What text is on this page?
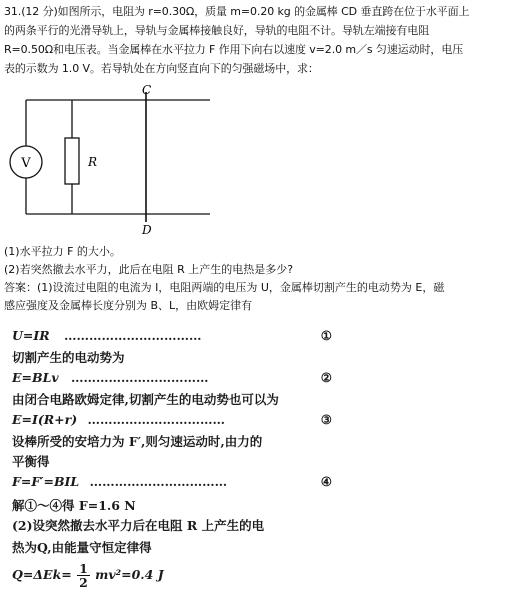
31.(12 分)如图所示，电阻为 r=0.30Ω，质量 m=0.20 kg 的金属棒 CD 垂直跨在位于水平面上

的两条平行的光滑导轨上，导轨与金属棒接触良好，导轨的电阻不计。导轨左端接有电阻

R=0.50Ω和电压表。当金属棒在水平拉力 F 作用下向右以速度 v=2.0 m／s 匀速运动时，电压

表的示数为 1.0 V。若导轨处在方向竖直向下的匀强磁场中，求：

V	R
C
D

(1)水平拉力 F 的大小。

(2)若突然撤去水平力，此后在电阻 R 上产生的电热是多少?

答案：(1)设流过电阻的电流为 I，电阻两端的电压为 U，金属棒切割产生的电动势为 E，磁

感应强度及金属棒长度分别为 B、L，由欧姆定律有

U=IR ……………………………	①
切割产生的电动势为
E=BLv ……………………………	②
由闭合电路欧姆定律,切割产生的电动势也可以为
E=I(R+r) ……………………………	③
设棒所受的安培力为 F′,则匀速运动时,由力的
平衡得
F=F′=BIL ……………………………	④
解①～④得 F=1.6 N
(2)设突然撤去水平力后在电阻 R 上产生的电
热为Q,由能量守恒定律得
$Q=\Delta Ek= \frac{1}{2} mv^2=0.4$ J
